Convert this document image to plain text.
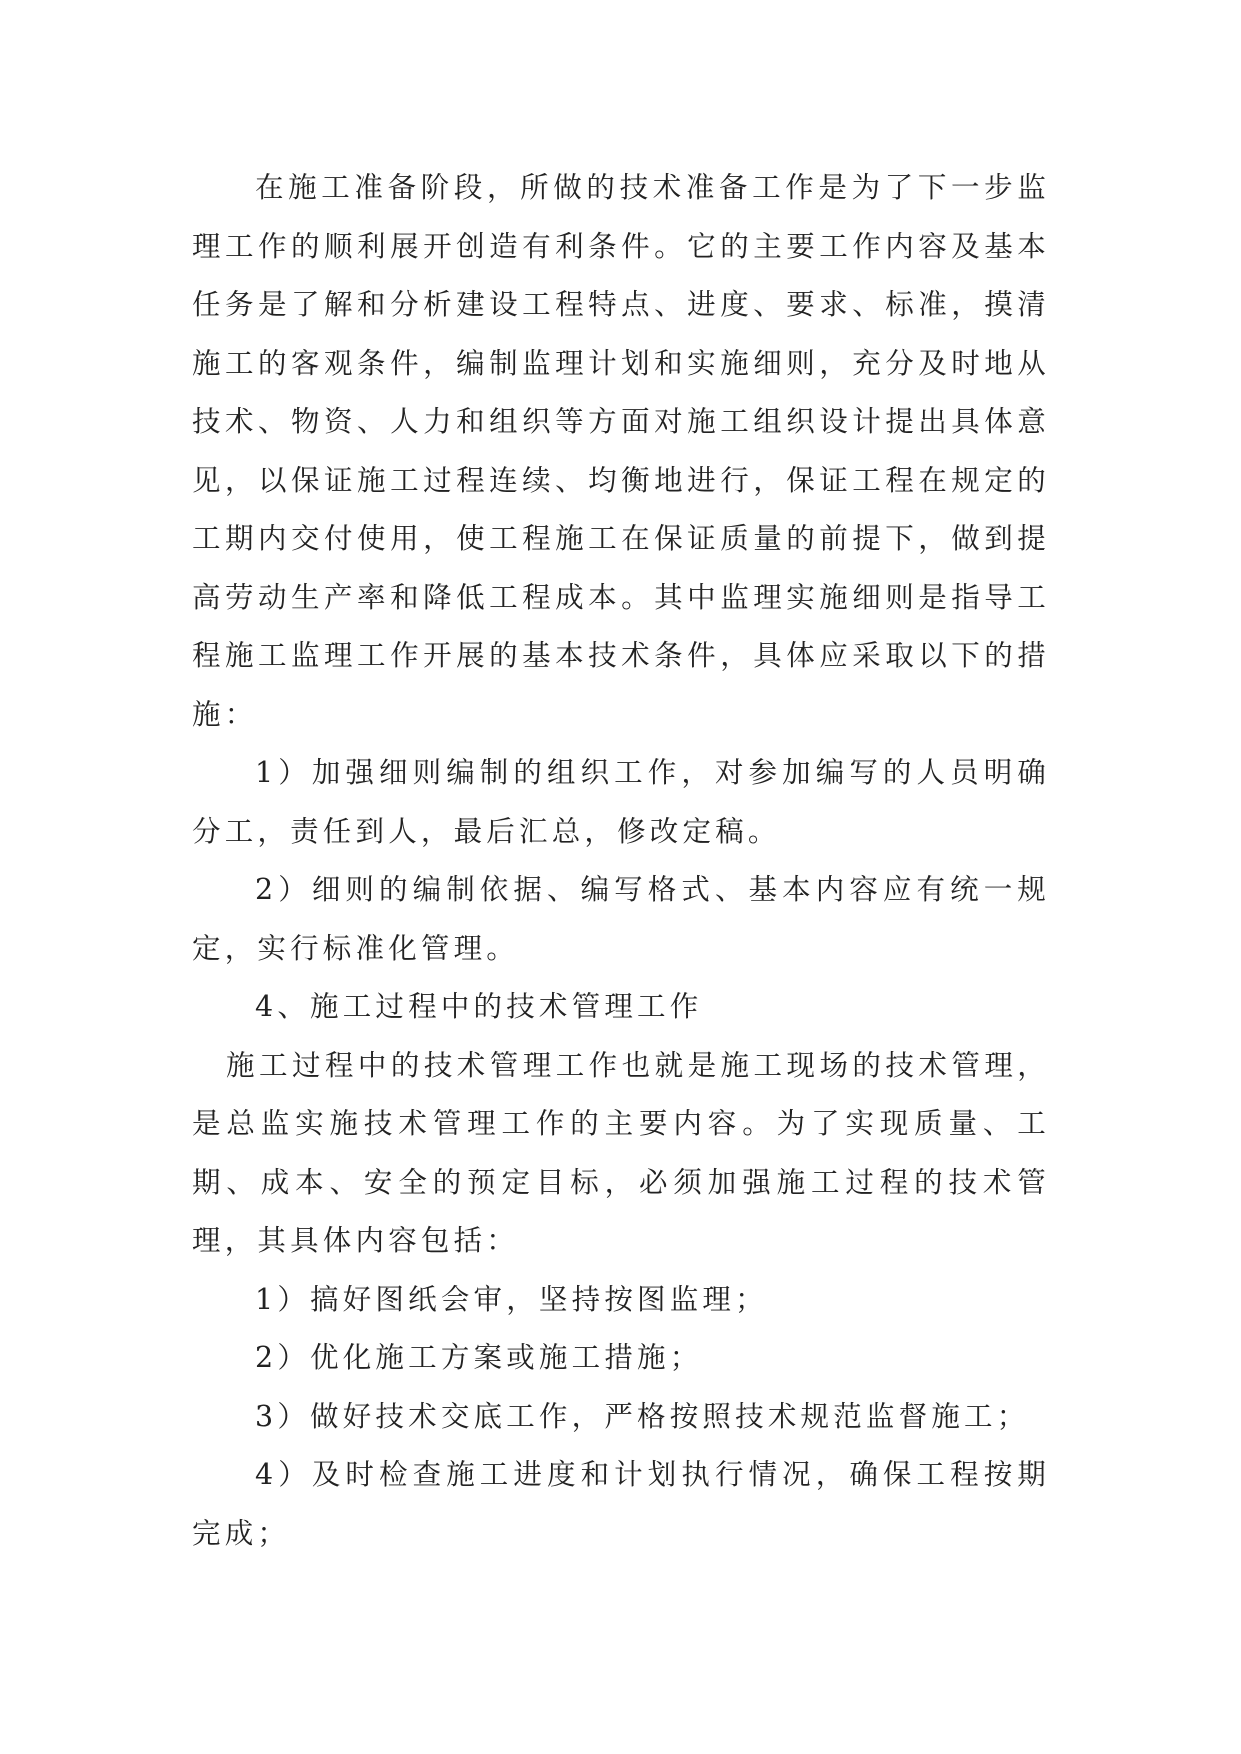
在施工准备阶段，所做的技术准备工作是为了下一步监理工作的顺利展开创造有利条件。它的主要工作内容及基本任务是了解和分析建设工程特点、进度、要求、标准，摸清施工的客观条件，编制监理计划和实施细则，充分及时地从技术、物资、人力和组织等方面对施工组织设计提出具体意见，以保证施工过程连续、均衡地进行，保证工程在规定的工期内交付使用，使工程施工在保证质量的前提下，做到提高劳动生产率和降低工程成本。其中监理实施细则是指导工程施工监理工作开展的基本技术条件，具体应采取以下的措施：

1）加强细则编制的组织工作，对参加编写的人员明确分工，责任到人，最后汇总，修改定稿。

2）细则的编制依据、编写格式、基本内容应有统一规定，实行标准化管理。

4、施工过程中的技术管理工作

施工过程中的技术管理工作也就是施工现场的技术管理，是总监实施技术管理工作的主要内容。为了实现质量、工期、成本、安全的预定目标，必须加强施工过程的技术管理，其具体内容包括：

1）搞好图纸会审，坚持按图监理；

2）优化施工方案或施工措施；

3）做好技术交底工作，严格按照技术规范监督施工；

4）及时检查施工进度和计划执行情况，确保工程按期完成；
